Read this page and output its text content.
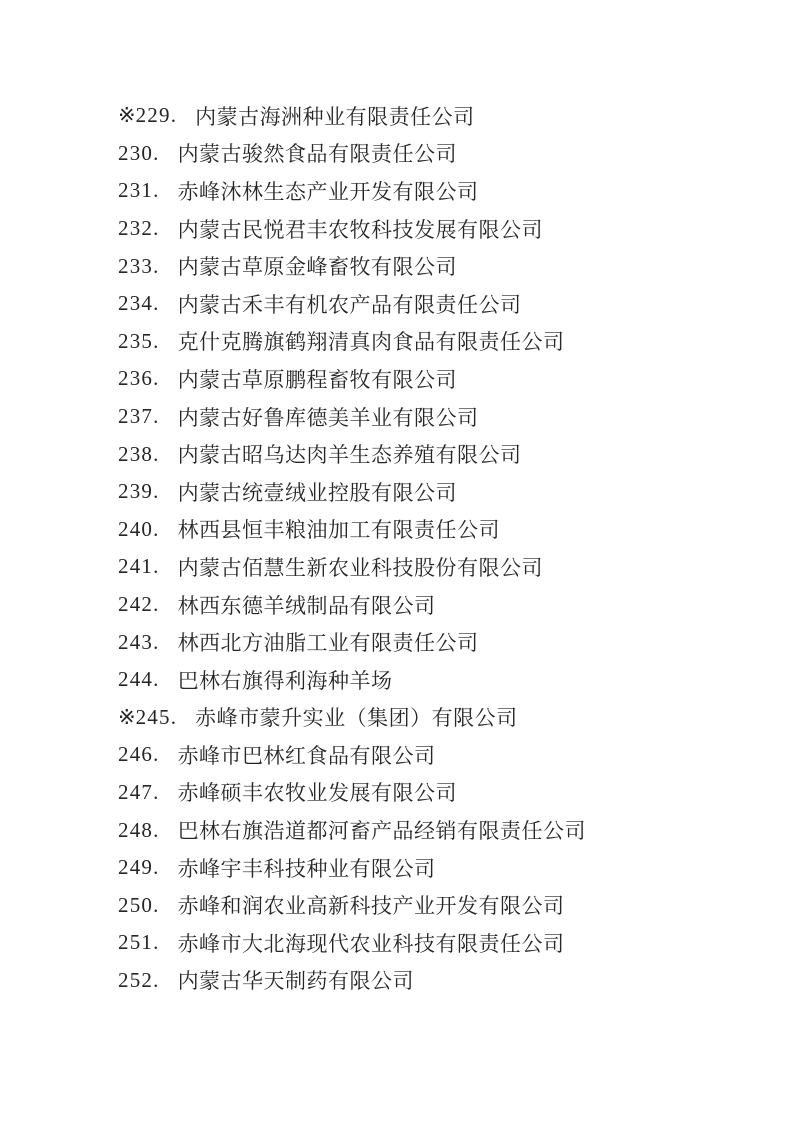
※229. 内蒙古海洲种业有限责任公司
230. 内蒙古骏然食品有限责任公司
231. 赤峰沐林生态产业开发有限公司
232. 内蒙古民悦君丰农牧科技发展有限公司
233. 内蒙古草原金峰畜牧有限公司
234. 内蒙古禾丰有机农产品有限责任公司
235. 克什克腾旗鹤翔清真肉食品有限责任公司
236. 内蒙古草原鹏程畜牧有限公司
237. 内蒙古好鲁库德美羊业有限公司
238. 内蒙古昭乌达肉羊生态养殖有限公司
239. 内蒙古统壹绒业控股有限公司
240. 林西县恒丰粮油加工有限责任公司
241. 内蒙古佰慧生新农业科技股份有限公司
242. 林西东德羊绒制品有限公司
243. 林西北方油脂工业有限责任公司
244. 巴林右旗得利海种羊场
※245. 赤峰市蒙升实业（集团）有限公司
246. 赤峰市巴林红食品有限公司
247. 赤峰硕丰农牧业发展有限公司
248. 巴林右旗浩道都河畜产品经销有限责任公司
249. 赤峰宇丰科技种业有限公司
250. 赤峰和润农业高新科技产业开发有限公司
251. 赤峰市大北海现代农业科技有限责任公司
252. 内蒙古华天制药有限公司
